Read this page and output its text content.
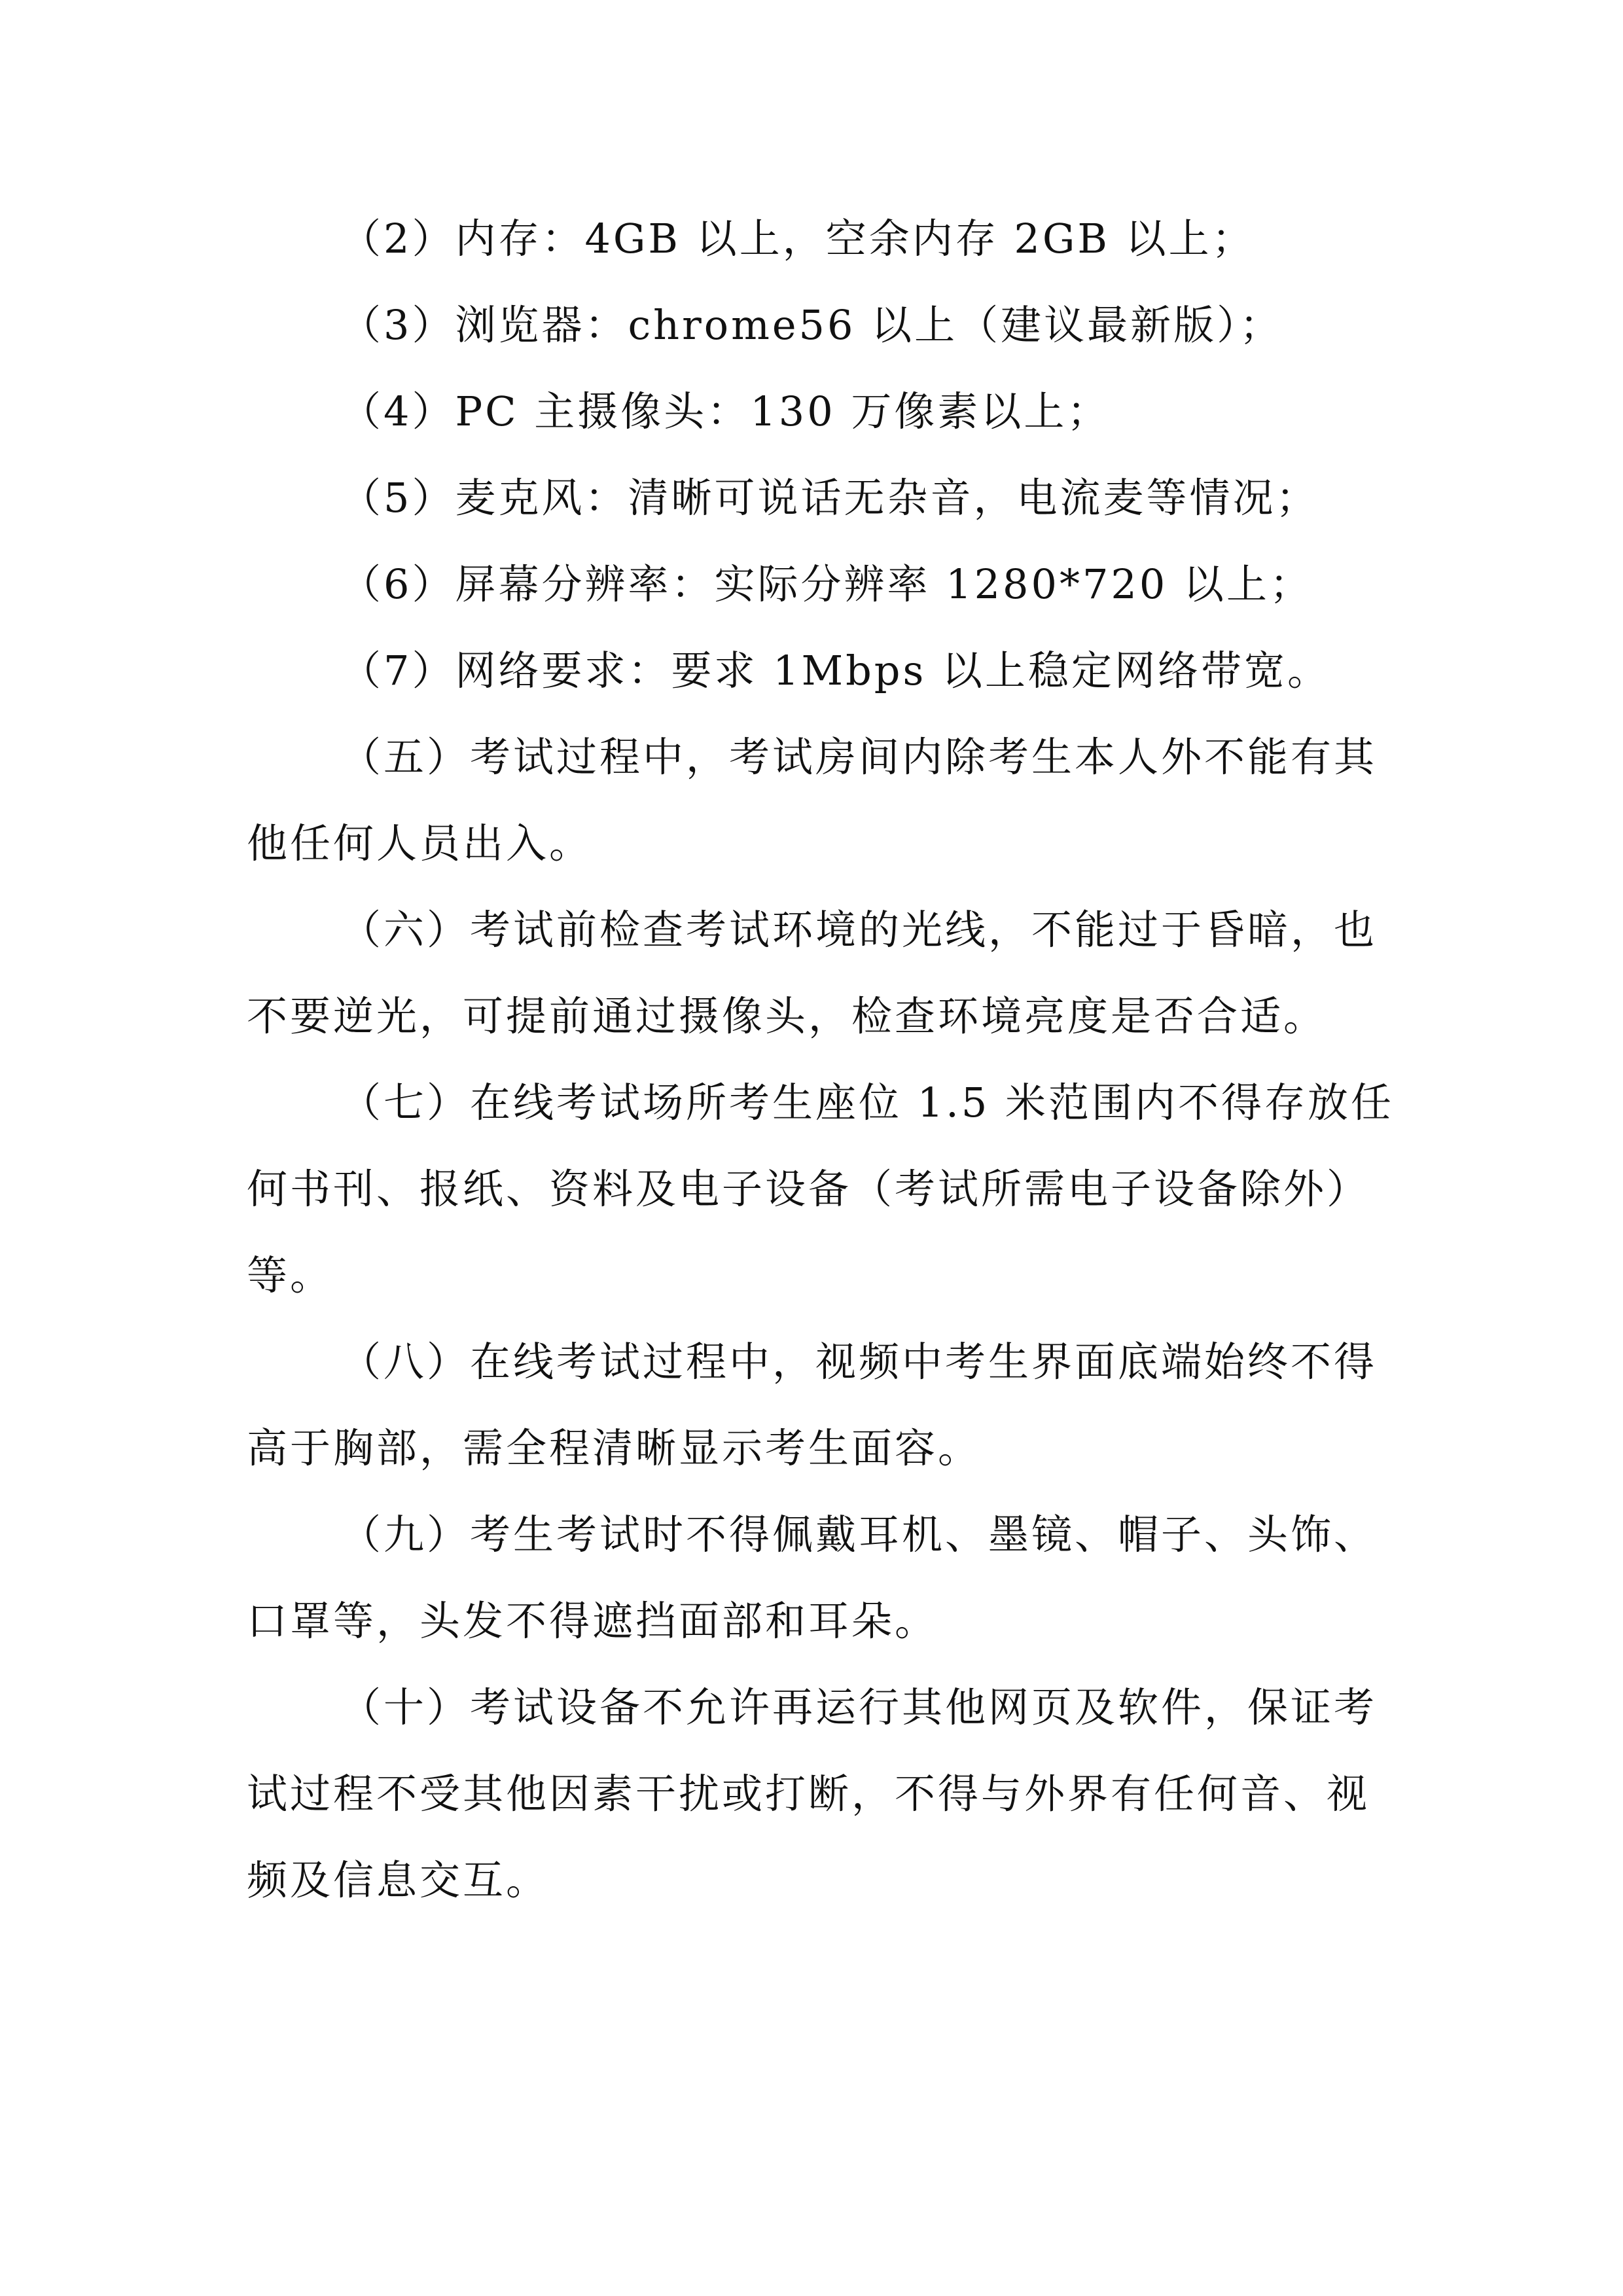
（2）内存：4GB 以上，空余内存 2GB 以上；

（3）浏览器：chrome56 以上（建议最新版）；

（4）PC 主摄像头：130 万像素以上；

（5）麦克风：清晰可说话无杂音，电流麦等情况；

（6）屏幕分辨率：实际分辨率 1280*720 以上；

（7）网络要求：要求 1Mbps 以上稳定网络带宽。

（五）考试过程中，考试房间内除考生本人外不能有其

他任何人员出入。

（六）考试前检查考试环境的光线，不能过于昏暗，也

不要逆光，可提前通过摄像头，检查环境亮度是否合适。

（七）在线考试场所考生座位 1.5 米范围内不得存放任

何书刊、报纸、资料及电子设备（考试所需电子设备除外）

等。

（八）在线考试过程中，视频中考生界面底端始终不得

高于胸部，需全程清晰显示考生面容。

（九）考生考试时不得佩戴耳机、墨镜、帽子、头饰、

口罩等，头发不得遮挡面部和耳朵。

（十）考试设备不允许再运行其他网页及软件，保证考

试过程不受其他因素干扰或打断，不得与外界有任何音、视

频及信息交互。
